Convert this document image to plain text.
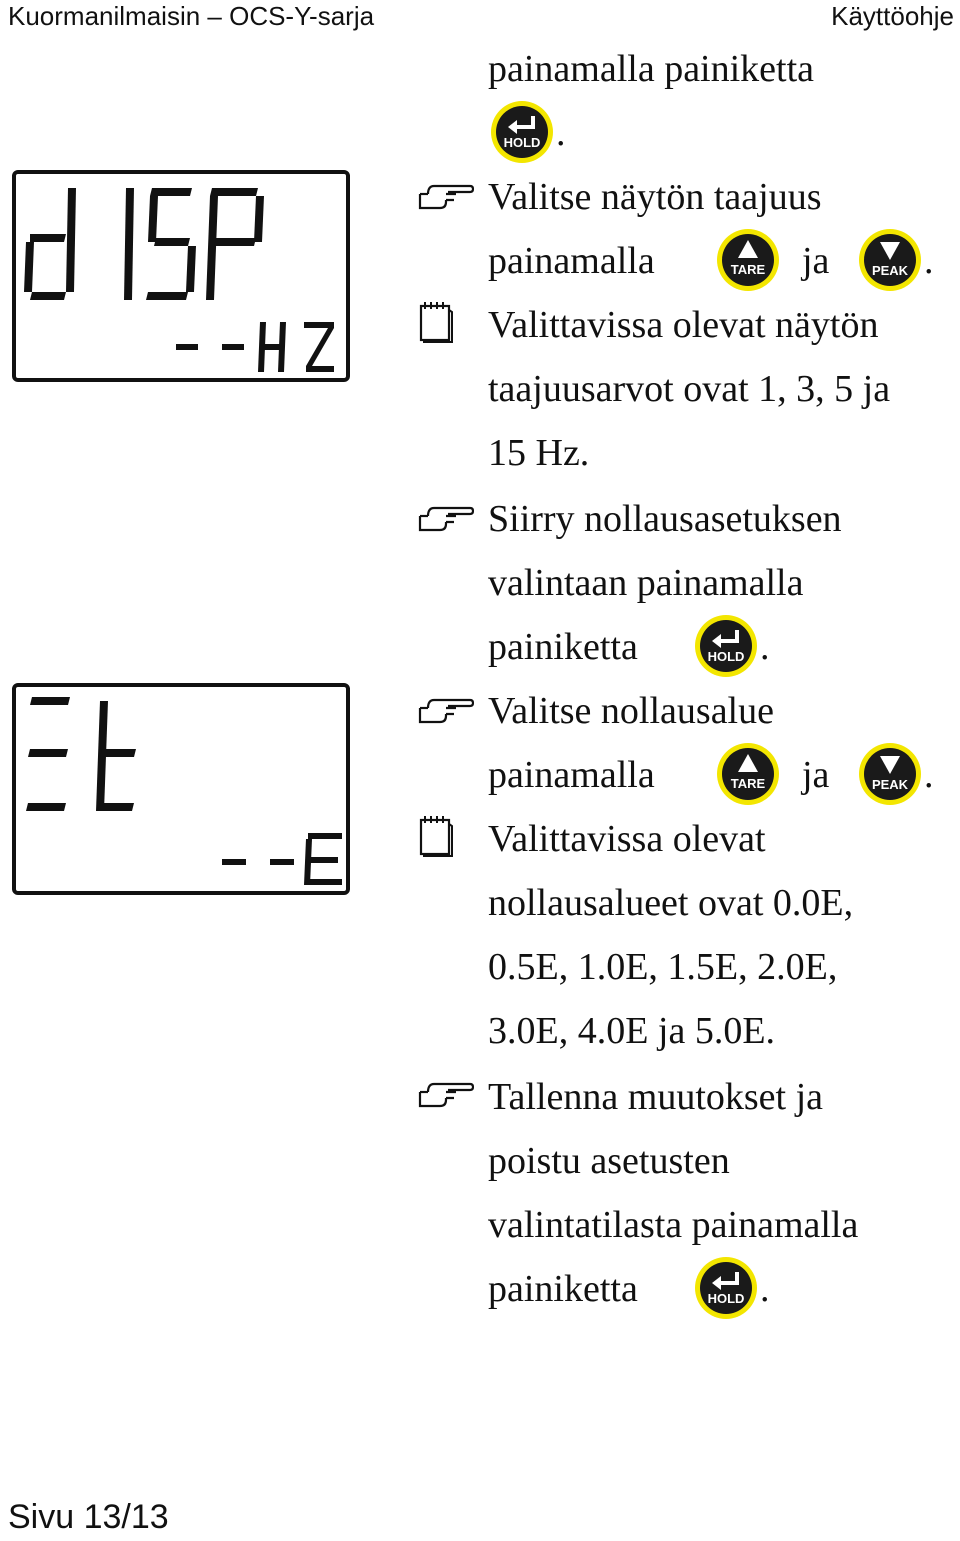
Kuormanilmaisin – OCS-Y-sarja	Käyttöohje
painamalla painiketta
HOLD .
Valitse näytön taajuus
painamalla	TARE ja	PEAK .
Valittavissa olevat näytön
taajuusarvot ovat 1, 3, 5 ja
15 Hz.
Siirry nollausasetuksen
valintaan painamalla
painiketta	HOLD .
Valitse nollausalue
painamalla	TARE ja	PEAK .
Valittavissa olevat
nollausalueet ovat 0.0E,
0.5E, 1.0E, 1.5E, 2.0E,
3.0E, 4.0E ja 5.0E.
Tallenna muutokset ja
poistu asetusten
valintatilasta painamalla
painiketta	HOLD .
Sivu 13/13
